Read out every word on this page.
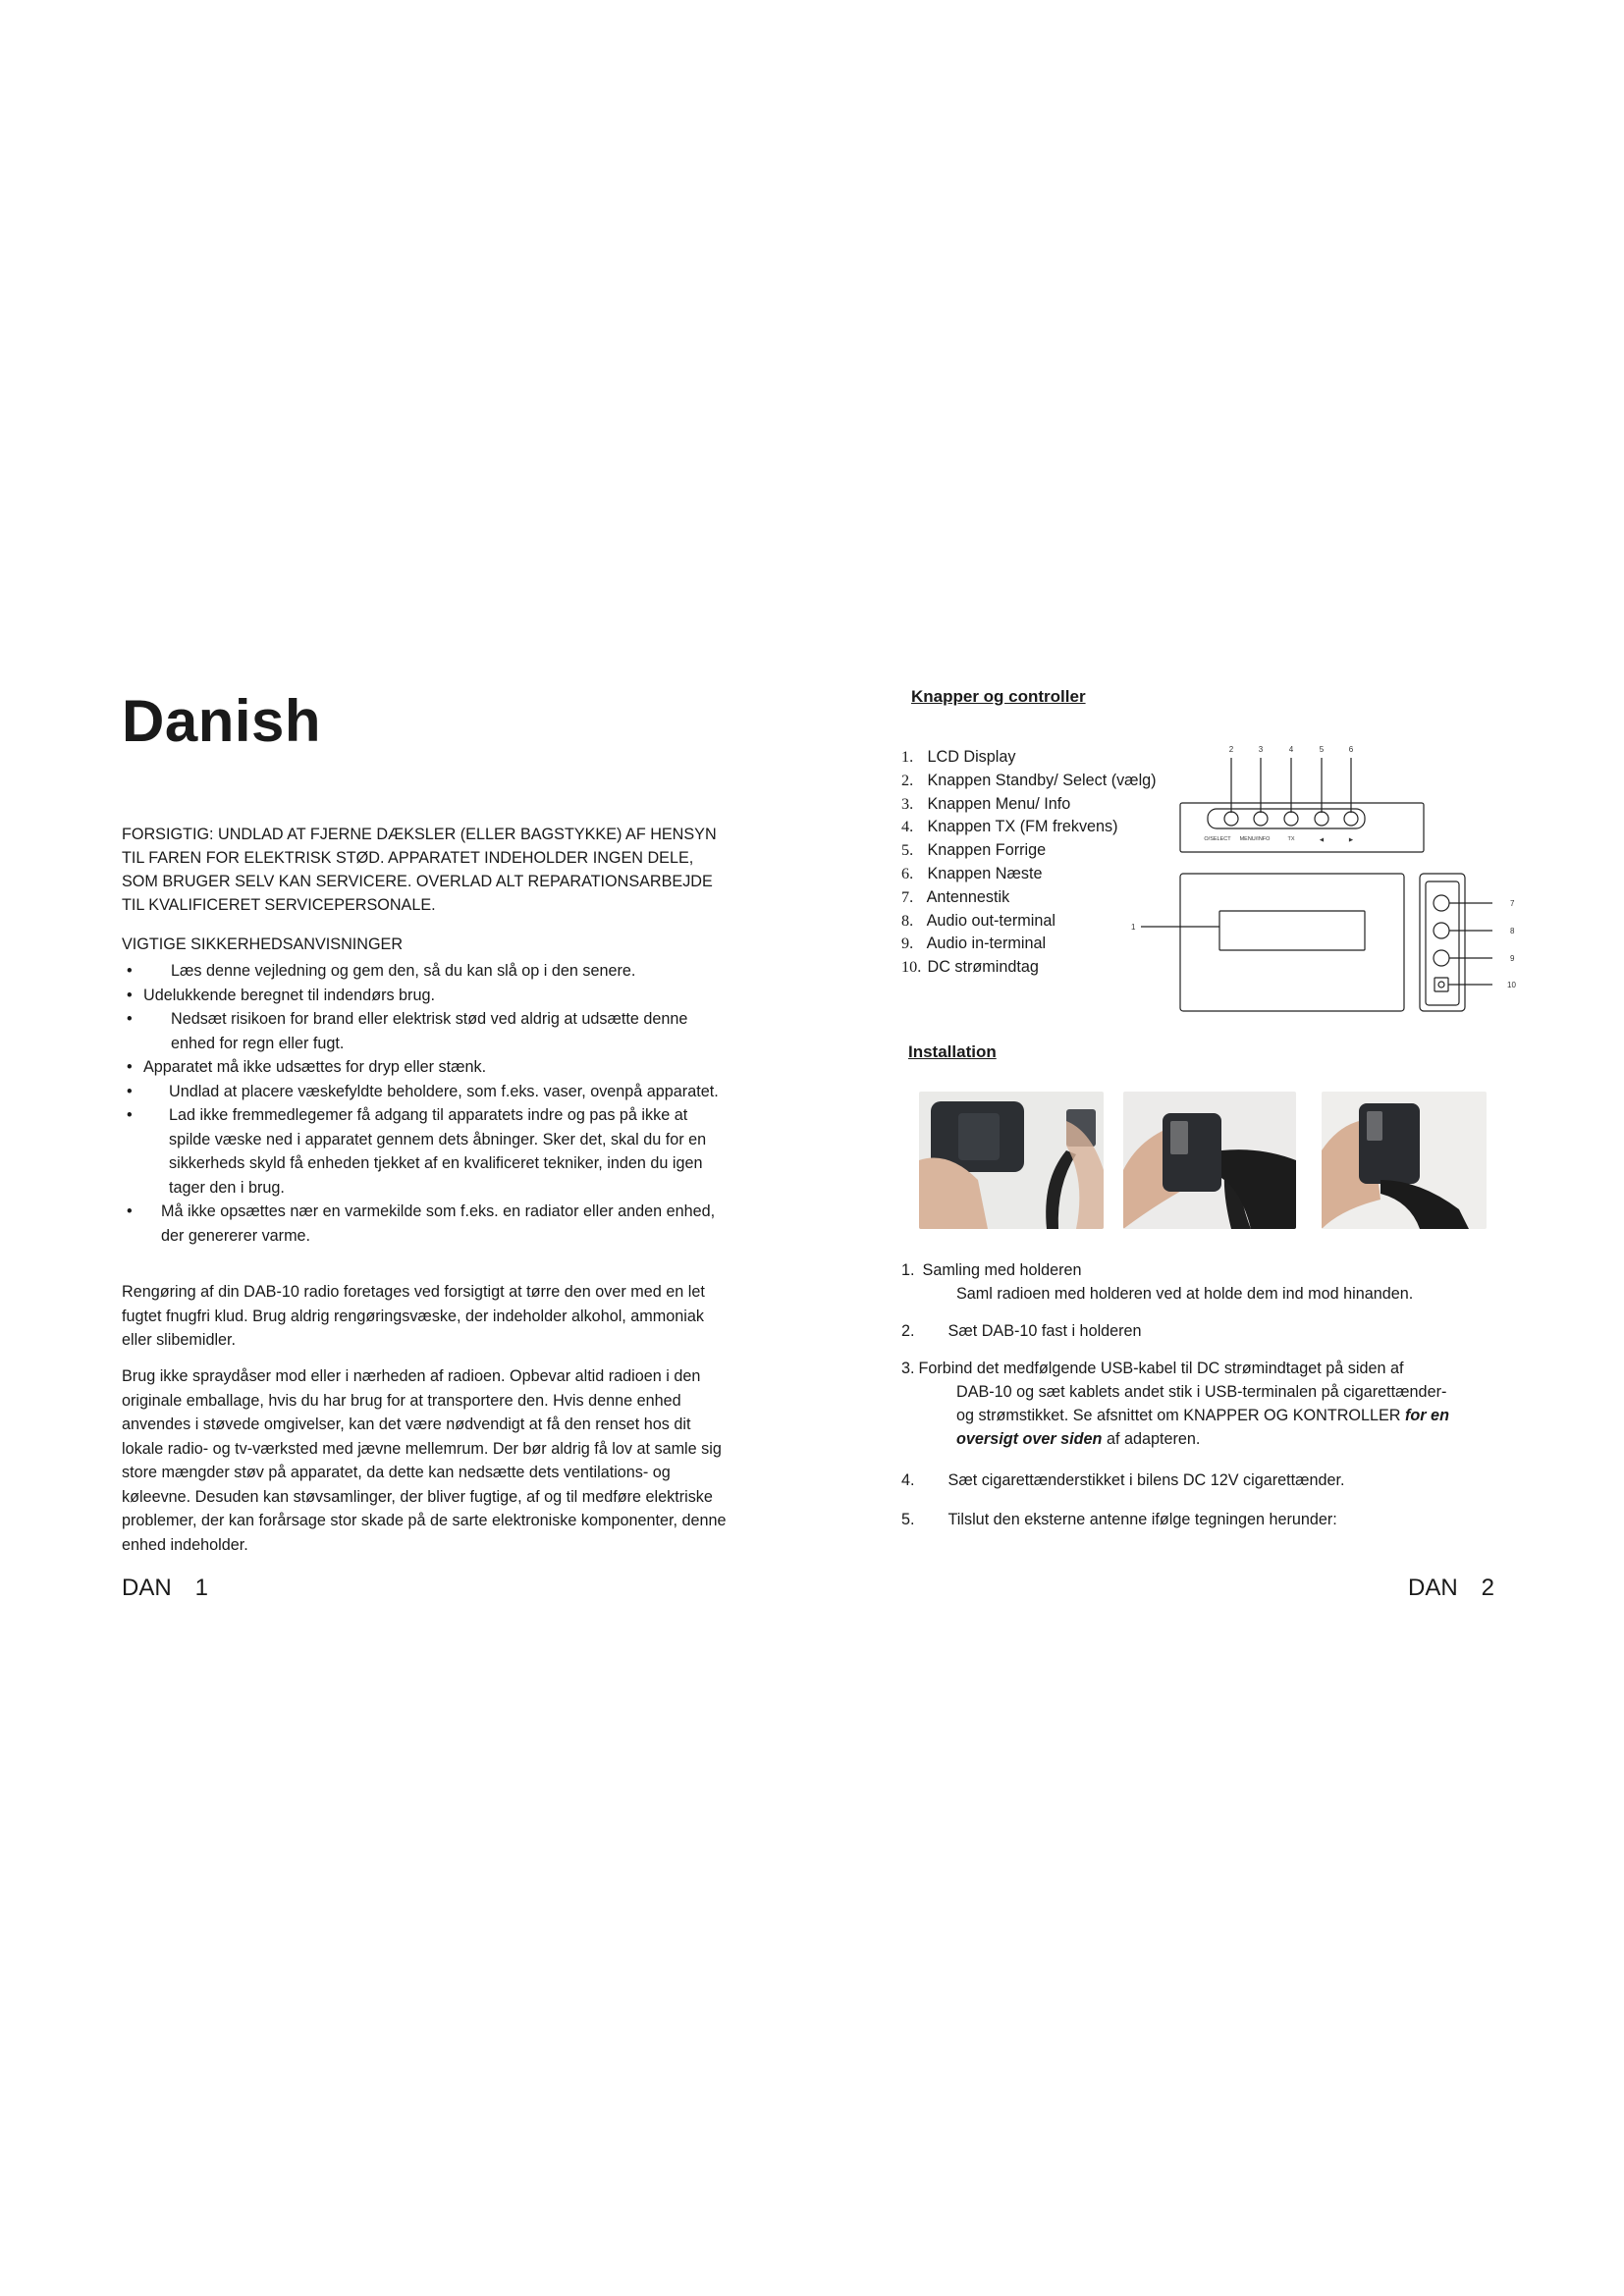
Danish
FORSIGTIG: UNDLAD AT FJERNE DÆKSLER (ELLER BAGSTYKKE) AF HENSYN TIL FAREN FOR ELEKTRISK STØD. APPARATET INDEHOLDER INGEN DELE, SOM BRUGER SELV KAN SERVICERE. OVERLAD ALT REPARATIONSARBEJDE TIL KVALIFICERET SERVICEPERSONALE.
VIGTIGE SIKKERHEDSANVISNINGER
• Læs denne vejledning og gem den, så du kan slå op i den senere.
• Udelukkende beregnet til indendørs brug.
•	Nedsæt risikoen for brand eller elektrisk stød ved aldrig at udsætte denne enhed for regn eller fugt.
• Apparatet må ikke udsættes for dryp eller stænk.
• Undlad at placere væskefyldte beholdere, som f.eks. vaser, ovenpå apparatet.
• Lad ikke fremmedlegemer få adgang til apparatets indre og pas på ikke at spilde væske ned i apparatet gennem dets åbninger. Sker det, skal du for en sikkerheds skyld få enheden tjekket af en kvalificeret tekniker, inden du igen tager den i brug.
• Må ikke opsættes nær en varmekilde som f.eks. en radiator eller anden enhed, der genererer varme.

Rengøring af din DAB-10 radio foretages ved forsigtigt at tørre den over med en let fugtet fnugfri klud. Brug aldrig rengøringsvæske, der indeholder alkohol, ammoniak eller slibemidler.

Brug ikke spraydåser mod eller i nærheden af radioen. Opbevar altid radioen i den originale emballage, hvis du har brug for at transportere den. Hvis denne enhed anvendes i støvede omgivelser, kan det være nødvendigt at få den renset hos dit lokale radio- og tv-værksted med jævne mellemrum. Der bør aldrig få lov at samle sig store mængder støv på apparatet, da dette kan nedsætte dets ventilations- og køleevne. Desuden kan støvsamlinger, der bliver fugtige, af og til medføre elektriske problemer, der kan forårsage stor skade på de sarte elektroniske komponenter, denne enhed indeholder.

DAN 1
Knapper og controller
1. LCD Display
2. Knappen Standby/ Select (vælg)
3. Knappen Menu/ Info
4. Knappen TX (FM frekvens)
5. Knappen Forrige
6. Knappen Næste
7. Antennestik
8. Audio out-terminal
9. Audio in-terminal
10. DC strømindtag
2	3	4	5	6
O/SELECT MENU/INFO	TX	◀	▶
1
7
8
9
10
Installation
1. Samling med holderen
Saml radioen med holderen ved at holde dem ind mod hinanden.
2. Sæt DAB-10 fast i holderen
3. Forbind det medfølgende USB-kabel til DC strømindtaget på siden af
DAB-10 og sæt kablets andet stik i USB-terminalen på cigarettænder-
og strømstikket. Se afsnittet om KNAPPER OG KONTROLLER for en
oversigt over siden af adapteren.
4. Sæt cigarettænderstikket i bilens DC 12V cigarettænder.
5. Tilslut den eksterne antenne ifølge tegningen herunder:
DAN 2
